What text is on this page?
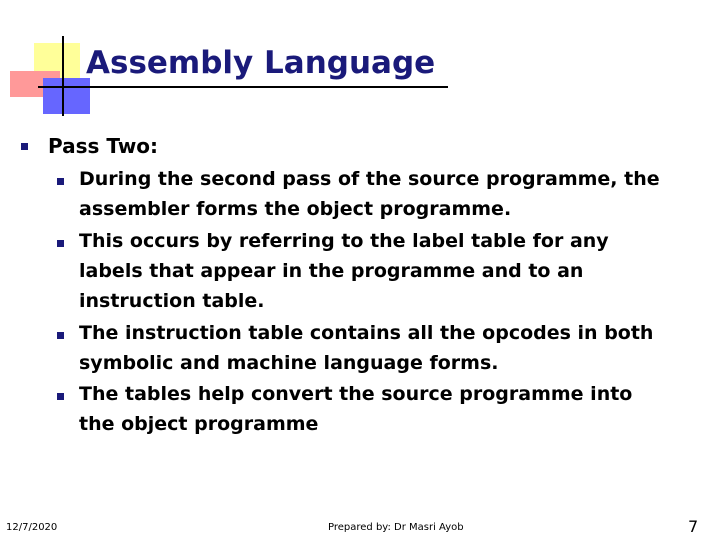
Assembly Language
Pass Two:
During the second pass of the source programme, the
assembler forms the object programme.
This occurs by referring to the label table for any
labels that appear in the programme and to an
instruction table.
The instruction table contains all the opcodes in both
symbolic and machine language forms.
The tables help convert the source programme into
the object programme
12/7/2020	Prepared by: Dr Masri Ayob	7
